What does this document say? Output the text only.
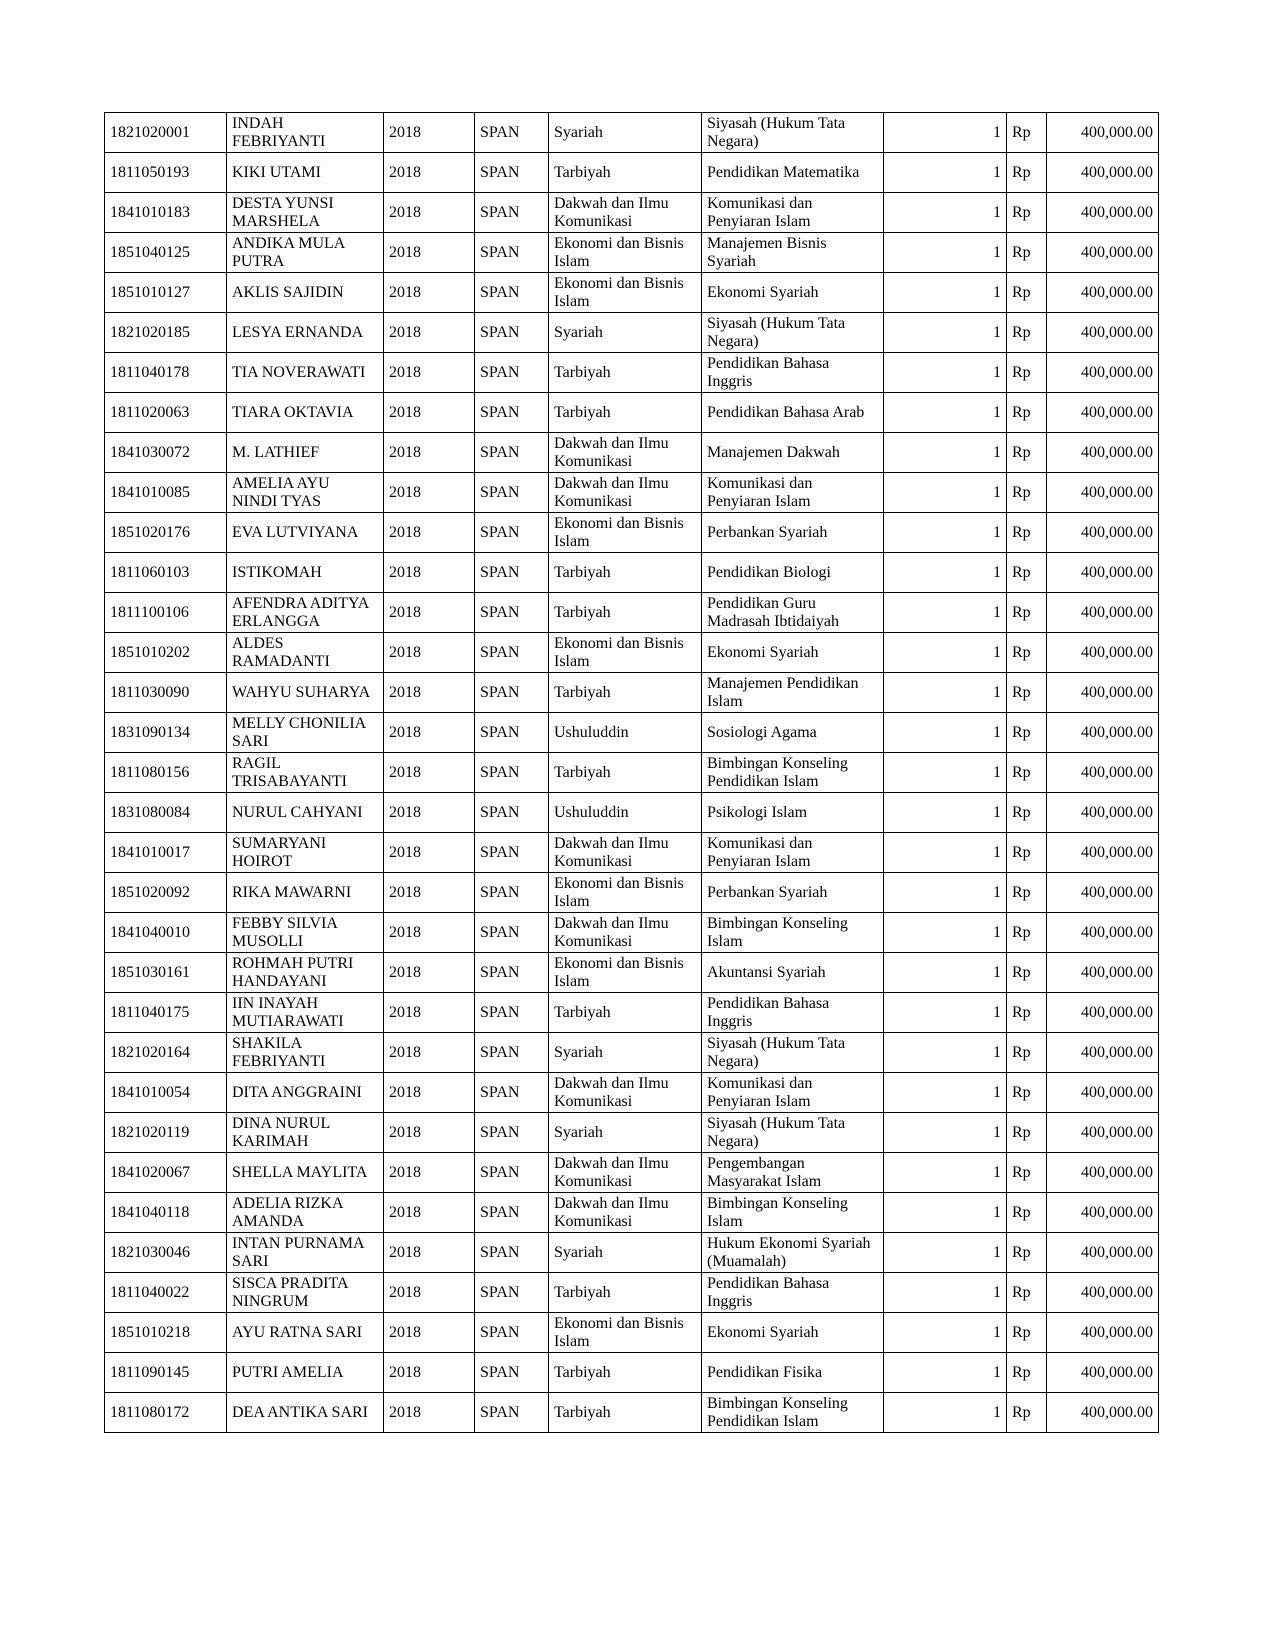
1821020001	INDAH FEBRIYANTI	2018	SPAN	Syariah	Siyasah (Hukum Tata Negara)	1	Rp	400,000.00
1811050193	KIKI UTAMI	2018	SPAN	Tarbiyah	Pendidikan Matematika	1	Rp	400,000.00
1841010183	DESTA YUNSI MARSHELA	2018	SPAN	Dakwah dan Ilmu Komunikasi	Komunikasi dan Penyiaran Islam	1	Rp	400,000.00
1851040125	ANDIKA MULA PUTRA	2018	SPAN	Ekonomi dan Bisnis Islam	Manajemen Bisnis Syariah	1	Rp	400,000.00
1851010127	AKLIS SAJIDIN	2018	SPAN	Ekonomi dan Bisnis Islam	Ekonomi Syariah	1	Rp	400,000.00
1821020185	LESYA ERNANDA	2018	SPAN	Syariah	Siyasah (Hukum Tata Negara)	1	Rp	400,000.00
1811040178	TIA NOVERAWATI	2018	SPAN	Tarbiyah	Pendidikan Bahasa Inggris	1	Rp	400,000.00
1811020063	TIARA OKTAVIA	2018	SPAN	Tarbiyah	Pendidikan Bahasa Arab	1	Rp	400,000.00
1841030072	M. LATHIEF	2018	SPAN	Dakwah dan Ilmu Komunikasi	Manajemen Dakwah	1	Rp	400,000.00
1841010085	AMELIA AYU NINDI TYAS	2018	SPAN	Dakwah dan Ilmu Komunikasi	Komunikasi dan Penyiaran Islam	1	Rp	400,000.00
1851020176	EVA LUTVIYANA	2018	SPAN	Ekonomi dan Bisnis Islam	Perbankan Syariah	1	Rp	400,000.00
1811060103	ISTIKOMAH	2018	SPAN	Tarbiyah	Pendidikan Biologi	1	Rp	400,000.00
1811100106	AFENDRA ADITYA ERLANGGA	2018	SPAN	Tarbiyah	Pendidikan Guru Madrasah Ibtidaiyah	1	Rp	400,000.00
1851010202	ALDES RAMADANTI	2018	SPAN	Ekonomi dan Bisnis Islam	Ekonomi Syariah	1	Rp	400,000.00
1811030090	WAHYU SUHARYA	2018	SPAN	Tarbiyah	Manajemen Pendidikan Islam	1	Rp	400,000.00
1831090134	MELLY CHONILIA SARI	2018	SPAN	Ushuluddin	Sosiologi Agama	1	Rp	400,000.00
1811080156	RAGIL TRISABAYANTI	2018	SPAN	Tarbiyah	Bimbingan Konseling Pendidikan Islam	1	Rp	400,000.00
1831080084	NURUL CAHYANI	2018	SPAN	Ushuluddin	Psikologi Islam	1	Rp	400,000.00
1841010017	SUMARYANI HOIROT	2018	SPAN	Dakwah dan Ilmu Komunikasi	Komunikasi dan Penyiaran Islam	1	Rp	400,000.00
1851020092	RIKA MAWARNI	2018	SPAN	Ekonomi dan Bisnis Islam	Perbankan Syariah	1	Rp	400,000.00
1841040010	FEBBY SILVIA MUSOLLI	2018	SPAN	Dakwah dan Ilmu Komunikasi	Bimbingan Konseling Islam	1	Rp	400,000.00
1851030161	ROHMAH PUTRI HANDAYANI	2018	SPAN	Ekonomi dan Bisnis Islam	Akuntansi Syariah	1	Rp	400,000.00
1811040175	IIN INAYAH MUTIARAWATI	2018	SPAN	Tarbiyah	Pendidikan Bahasa Inggris	1	Rp	400,000.00
1821020164	SHAKILA FEBRIYANTI	2018	SPAN	Syariah	Siyasah (Hukum Tata Negara)	1	Rp	400,000.00
1841010054	DITA ANGGRAINI	2018	SPAN	Dakwah dan Ilmu Komunikasi	Komunikasi dan Penyiaran Islam	1	Rp	400,000.00
1821020119	DINA NURUL KARIMAH	2018	SPAN	Syariah	Siyasah (Hukum Tata Negara)	1	Rp	400,000.00
1841020067	SHELLA MAYLITA	2018	SPAN	Dakwah dan Ilmu Komunikasi	Pengembangan Masyarakat Islam	1	Rp	400,000.00
1841040118	ADELIA RIZKA AMANDA	2018	SPAN	Dakwah dan Ilmu Komunikasi	Bimbingan Konseling Islam	1	Rp	400,000.00
1821030046	INTAN PURNAMA SARI	2018	SPAN	Syariah	Hukum Ekonomi Syariah (Muamalah)	1	Rp	400,000.00
1811040022	SISCA PRADITA NINGRUM	2018	SPAN	Tarbiyah	Pendidikan Bahasa Inggris	1	Rp	400,000.00
1851010218	AYU RATNA SARI	2018	SPAN	Ekonomi dan Bisnis Islam	Ekonomi Syariah	1	Rp	400,000.00
1811090145	PUTRI AMELIA	2018	SPAN	Tarbiyah	Pendidikan Fisika	1	Rp	400,000.00
1811080172	DEA ANTIKA SARI	2018	SPAN	Tarbiyah	Bimbingan Konseling Pendidikan Islam	1	Rp	400,000.00
